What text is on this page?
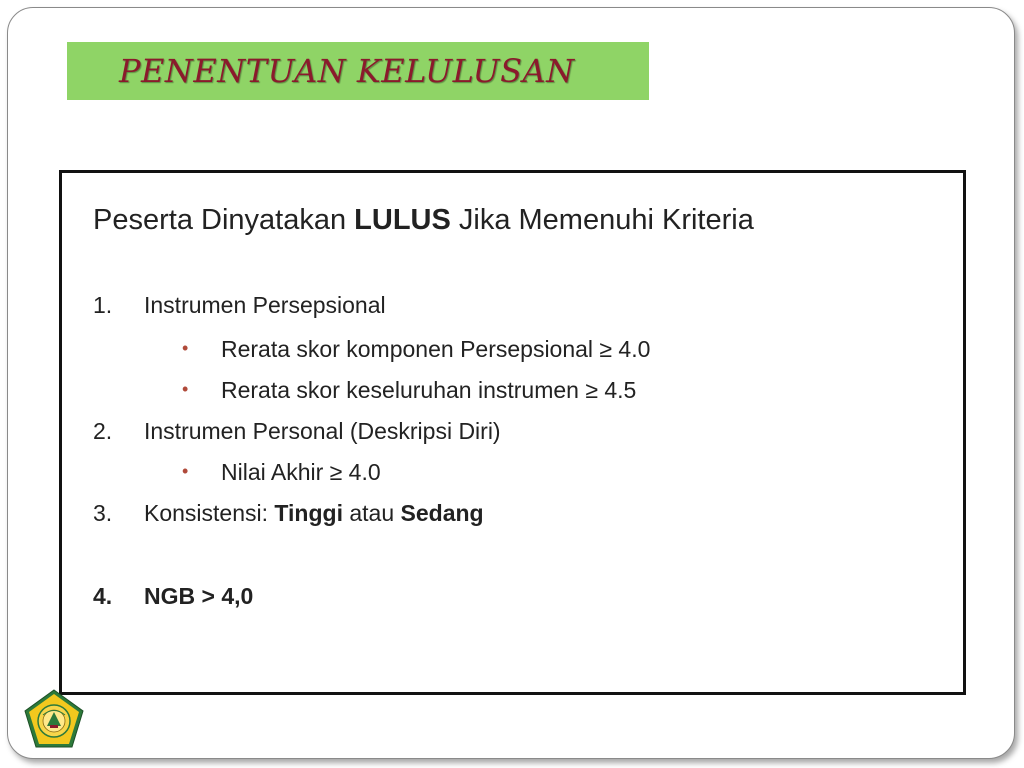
PENENTUAN KELULUSAN
Peserta Dinyatakan LULUS Jika Memenuhi Kriteria
1.	Instrumen Persepsional
• Rerata skor komponen Persepsional ≥ 4.0
• Rerata skor keseluruhan instrumen ≥ 4.5
2.	Instrumen Personal (Deskripsi Diri)
• Nilai Akhir ≥ 4.0
3.	Konsistensi: Tinggi atau Sedang
4.	NGB > 4,0
